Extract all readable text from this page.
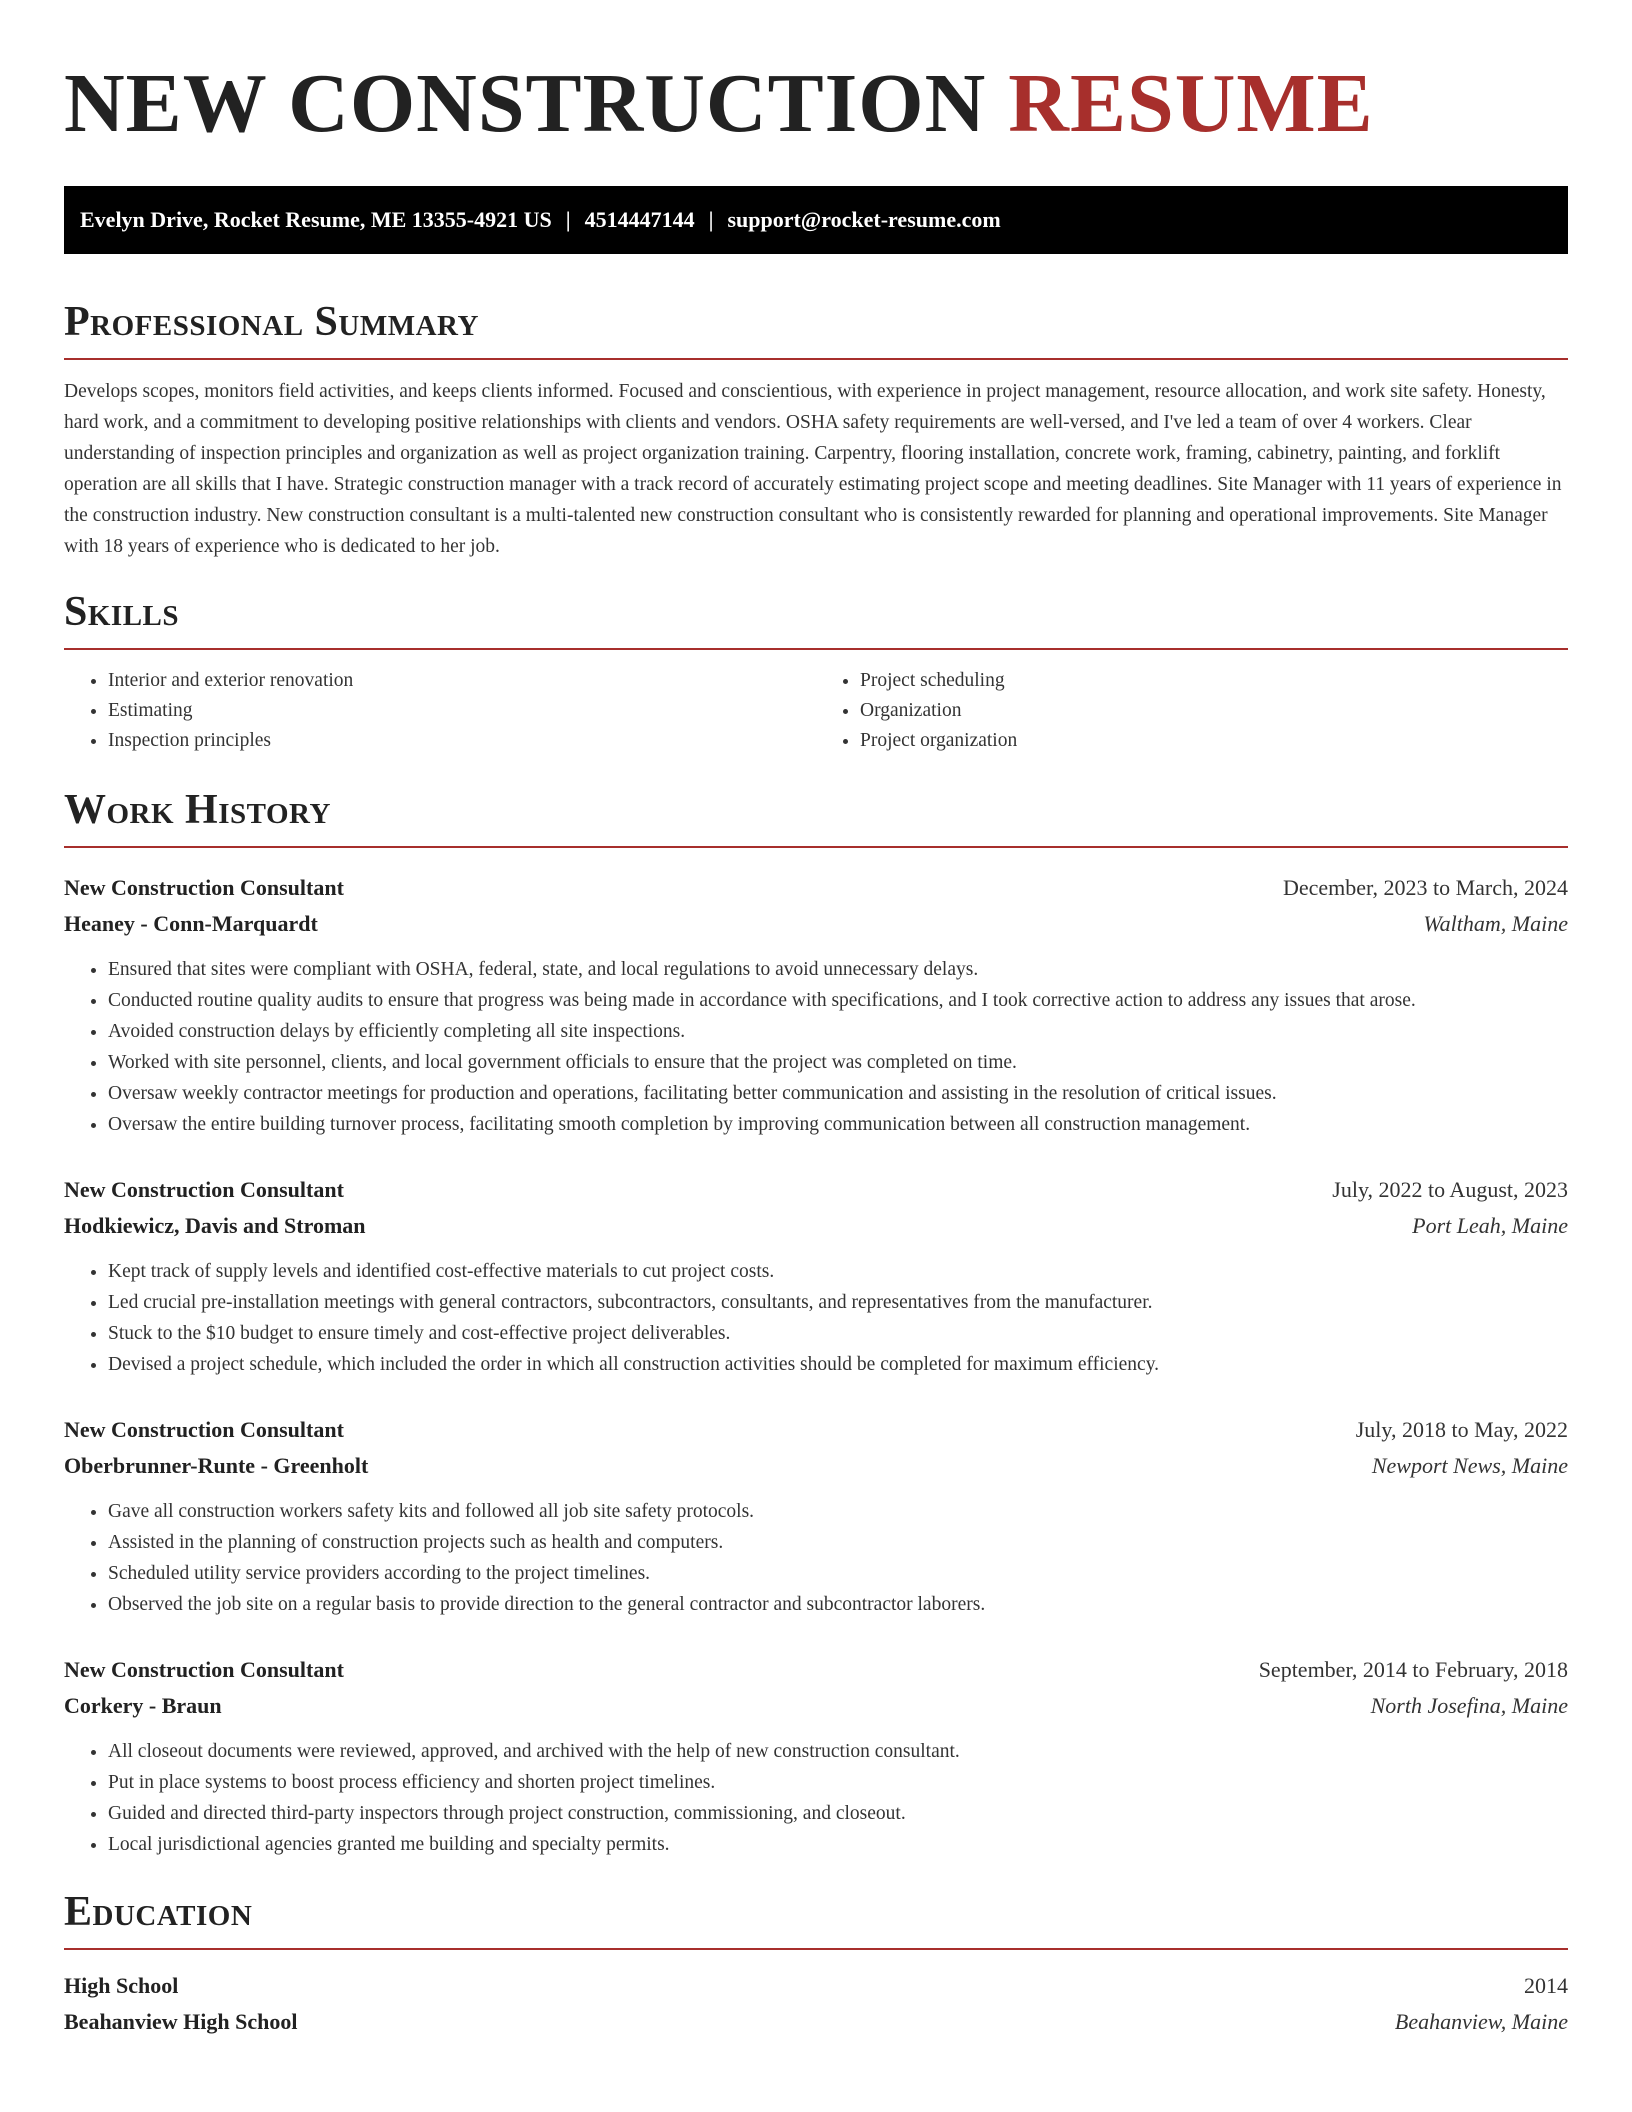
NEW CONSTRUCTION RESUME
Evelyn Drive, Rocket Resume, ME 13355-4921 US | 4514447144 | support@rocket-resume.com
Professional Summary

Develops scopes, monitors field activities, and keeps clients informed. Focused and conscientious, with experience in project management, resource allocation, and work site safety. Honesty, hard work, and a commitment to developing positive relationships with clients and vendors. OSHA safety requirements are well-versed, and I've led a team of over 4 workers. Clear understanding of inspection principles and organization as well as project organization training. Carpentry, flooring installation, concrete work, framing, cabinetry, painting, and forklift operation are all skills that I have. Strategic construction manager with a track record of accurately estimating project scope and meeting deadlines. Site Manager with 11 years of experience in the construction industry. New construction consultant is a multi-talented new construction consultant who is consistently rewarded for planning and operational improvements. Site Manager with 18 years of experience who is dedicated to her job.

Skills
• Interior and exterior renovation
• Estimating
• Inspection principles
• Project scheduling
• Organization
• Project organization
Work History
New Construction Consultant	December, 2023 to March, 2024
Heaney - Conn-Marquardt	Waltham, Maine
• Ensured that sites were compliant with OSHA, federal, state, and local regulations to avoid unnecessary delays.
• Conducted routine quality audits to ensure that progress was being made in accordance with specifications, and I took corrective action to address any issues that arose.
• Avoided construction delays by efficiently completing all site inspections.
• Worked with site personnel, clients, and local government officials to ensure that the project was completed on time.
• Oversaw weekly contractor meetings for production and operations, facilitating better communication and assisting in the resolution of critical issues.
• Oversaw the entire building turnover process, facilitating smooth completion by improving communication between all construction management.
New Construction Consultant	July, 2022 to August, 2023
Hodkiewicz, Davis and Stroman	Port Leah, Maine
• Kept track of supply levels and identified cost-effective materials to cut project costs.
• Led crucial pre-installation meetings with general contractors, subcontractors, consultants, and representatives from the manufacturer.
• Stuck to the $10 budget to ensure timely and cost-effective project deliverables.
• Devised a project schedule, which included the order in which all construction activities should be completed for maximum efficiency.
New Construction Consultant	July, 2018 to May, 2022
Oberbrunner-Runte - Greenholt	Newport News, Maine
• Gave all construction workers safety kits and followed all job site safety protocols.
• Assisted in the planning of construction projects such as health and computers.
• Scheduled utility service providers according to the project timelines.
• Observed the job site on a regular basis to provide direction to the general contractor and subcontractor laborers.
New Construction Consultant	September, 2014 to February, 2018
Corkery - Braun	North Josefina, Maine
• All closeout documents were reviewed, approved, and archived with the help of new construction consultant.
• Put in place systems to boost process efficiency and shorten project timelines.
• Guided and directed third-party inspectors through project construction, commissioning, and closeout.
• Local jurisdictional agencies granted me building and specialty permits.
Education
High School	2014
Beahanview High School	Beahanview, Maine
